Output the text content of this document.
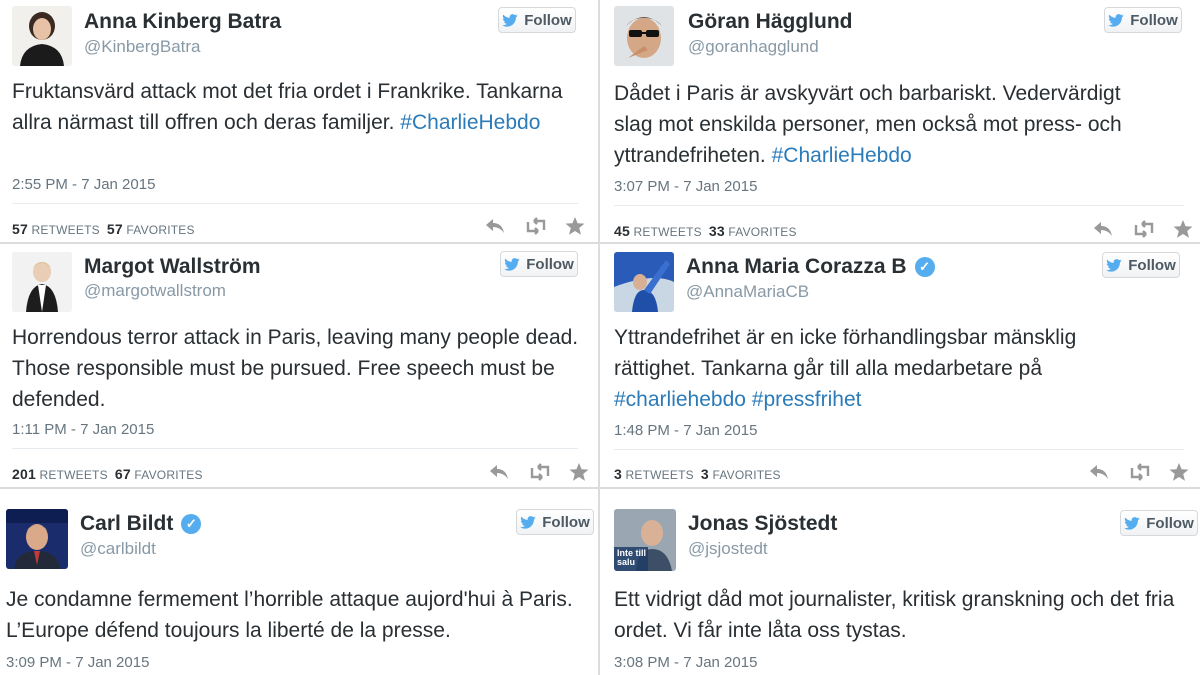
Anna Kinberg Batra
@KinbergBatra
Follow
Fruktansvärd attack mot det fria ordet i Frankrike. Tankarna allra närmast till offren och deras familjer. #CharlieHebdo
2:55 PM - 7 Jan 2015
57 RETWEETS 57 FAVORITES
Göran Hägglund
@goranhagglund
Follow
Dådet i Paris är avskyvärt och barbariskt. Vedervärdigt slag mot enskilda personer, men också mot press- och yttrandefriheten. #CharlieHebdo
3:07 PM - 7 Jan 2015
45 RETWEETS 33 FAVORITES
Margot Wallström
@margotwallstrom
Follow
Horrendous terror attack in Paris, leaving many people dead. Those responsible must be pursued. Free speech must be defended.
1:11 PM - 7 Jan 2015
201 RETWEETS 67 FAVORITES
Anna Maria Corazza B ✓
@AnnaMariaCB
Follow
Yttrandefrihet är en icke förhandlingsbar mänsklig rättighet. Tankarna går till alla medarbetare på #charliehebdo #pressfrihet
1:48 PM - 7 Jan 2015
3 RETWEETS 3 FAVORITES
Carl Bildt ✓
@carlbildt
Follow
Je condamne fermement l’horrible attaque aujord'hui à Paris. L’Europe défend toujours la liberté de la presse.
3:09 PM - 7 Jan 2015
Inte till salu
Jonas Sjöstedt
@jsjostedt
Follow
Ett vidrigt dåd mot journalister, kritisk granskning och det fria ordet. Vi får inte låta oss tystas.
3:08 PM - 7 Jan 2015
